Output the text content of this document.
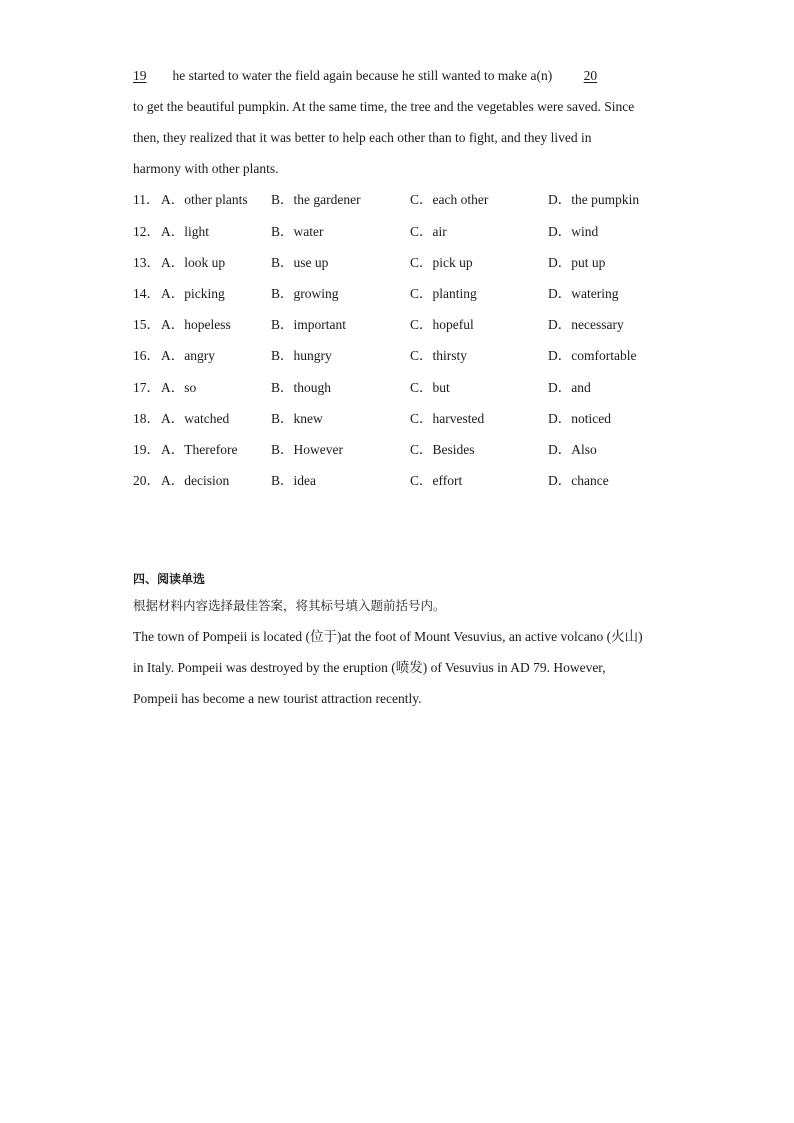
19 he started to water the field again because he still wanted to make a(n) 20
to get the beautiful pumpkin. At the same time, the tree and the vegetables were saved. Since
then, they realized that it was better to help each other than to fight, and they lived in
harmony with other plants.
11． A．other plants B．the gardener	C．each other	D．the pumpkin
12． A．light	B．water	C．air	D．wind
13． A．look up	B．use up	C．pick up	D．put up
14． A．picking	B．growing	C．planting	D．watering
15． A．hopeless	B．important	C．hopeful	D．necessary
16． A．angry	B．hungry	C．thirsty	D．comfortable
17． A．so	B．though	C．but	D．and
18． A．watched	B．knew	C．harvested	D．noticed
19． A．Therefore B．However	C．Besides	D．Also
20． A．decision	B．idea	C．effort	D．chance
四、阅读单选
根据材料内容选择最佳答案，将其标号填入题前括号内。
The town of Pompeii is located (位于)at the foot of Mount Vesuvius, an active volcano (火山)
in Italy. Pompeii was destroyed by the eruption (喷发) of Vesuvius in AD 79. However,
Pompeii has become a new tourist attraction recently.
